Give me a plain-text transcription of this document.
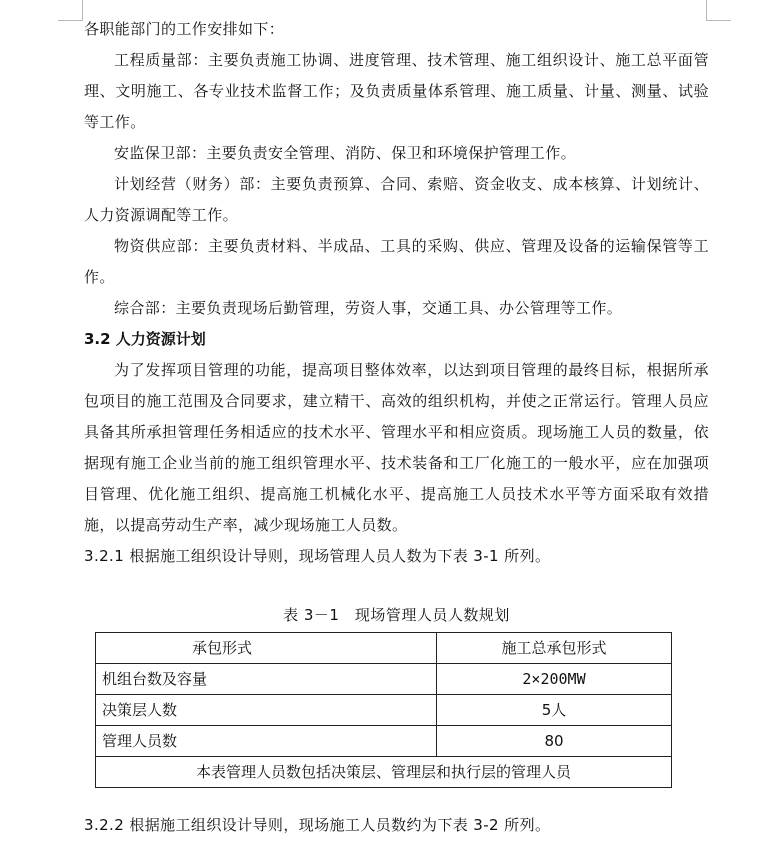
各职能部门的工作安排如下：

工程质量部：主要负责施工协调、进度管理、技术管理、施工组织设计、施工总平面管理、文明施工、各专业技术监督工作；及负责质量体系管理、施工质量、计量、测量、试验等工作。

安监保卫部：主要负责安全管理、消防、保卫和环境保护管理工作。

计划经营（财务）部：主要负责预算、合同、索赔、资金收支、成本核算、计划统计、人力资源调配等工作。

物资供应部：主要负责材料、半成品、工具的采购、供应、管理及设备的运输保管等工作。

综合部：主要负责现场后勤管理，劳资人事，交通工具、办公管理等工作。

3.2 人力资源计划

为了发挥项目管理的功能，提高项目整体效率，以达到项目管理的最终目标，根据所承包项目的施工范围及合同要求，建立精干、高效的组织机构，并使之正常运行。管理人员应具备其所承担管理任务相适应的技术水平、管理水平和相应资质。现场施工人员的数量，依据现有施工企业当前的施工组织管理水平、技术装备和工厂化施工的一般水平，应在加强项目管理、优化施工组织、提高施工机械化水平、提高施工人员技术水平等方面采取有效措施，以提高劳动生产率，减少现场施工人员数。

3.2.1 根据施工组织设计导则，现场管理人员人数为下表 3-1 所列。

表 3－1　现场管理人员人数规划

承包形式	施工总承包形式
机组台数及容量	2×200MW
决策层人数	5人
管理人员数	80
本表管理人员数包括决策层、管理层和执行层的管理人员	

3.2.2 根据施工组织设计导则，现场施工人员数约为下表 3-2 所列。
